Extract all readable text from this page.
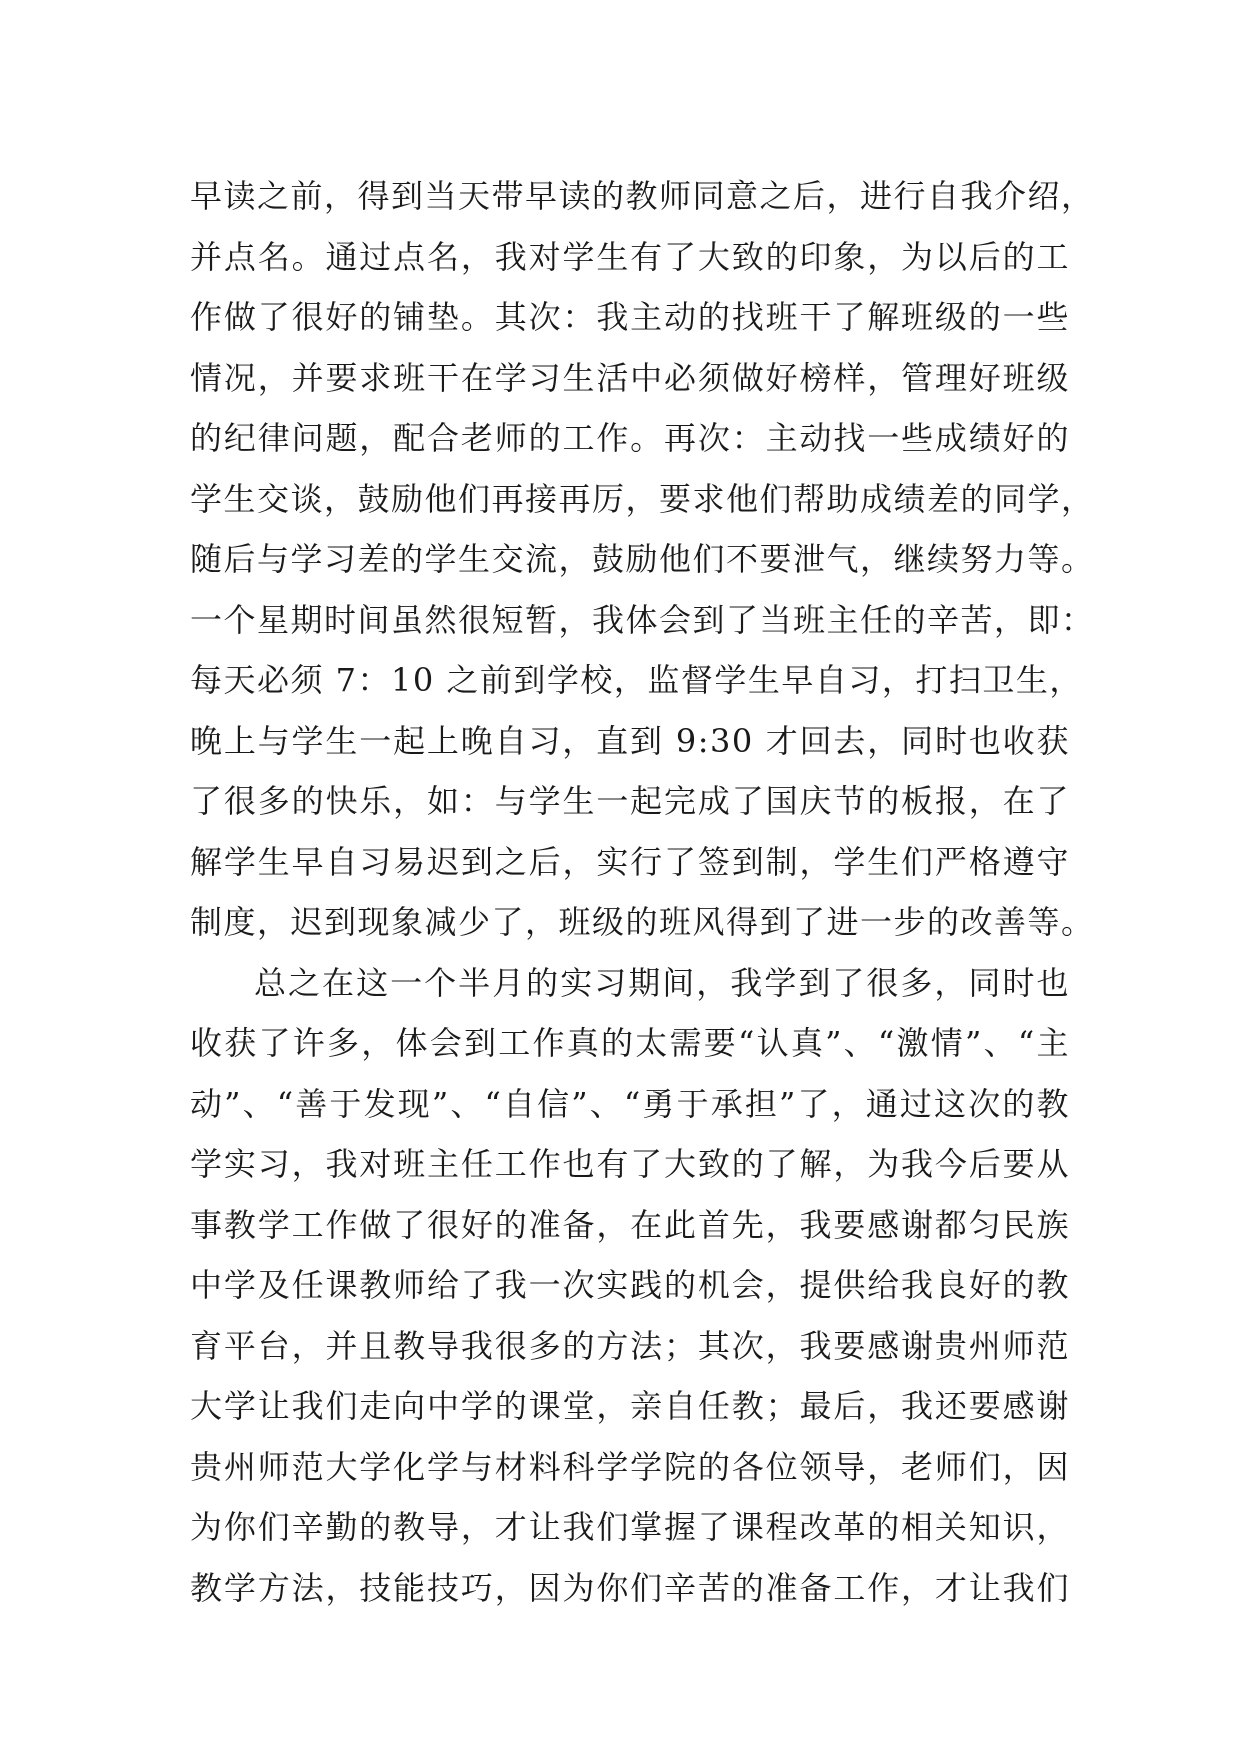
早读之前，得到当天带早读的教师同意之后，进行自我介绍，
并点名。通过点名，我对学生有了大致的印象，为以后的工
作做了很好的铺垫。其次：我主动的找班干了解班级的一些
情况，并要求班干在学习生活中必须做好榜样，管理好班级
的纪律问题，配合老师的工作。再次：主动找一些成绩好的
学生交谈，鼓励他们再接再厉，要求他们帮助成绩差的同学，
随后与学习差的学生交流，鼓励他们不要泄气，继续努力等。
一个星期时间虽然很短暂，我体会到了当班主任的辛苦，即：
每天必须 7：10 之前到学校，监督学生早自习，打扫卫生，
晚上与学生一起上晚自习，直到 9:30 才回去，同时也收获
了很多的快乐，如：与学生一起完成了国庆节的板报，在了
解学生早自习易迟到之后，实行了签到制，学生们严格遵守
制度，迟到现象减少了，班级的班风得到了进一步的改善等。
总之在这一个半月的实习期间，我学到了很多，同时也
收获了许多，体会到工作真的太需要“认真”、“激情”、“主
动”、“善于发现”、“自信”、“勇于承担”了，通过这次的教
学实习，我对班主任工作也有了大致的了解，为我今后要从
事教学工作做了很好的准备，在此首先，我要感谢都匀民族
中学及任课教师给了我一次实践的机会，提供给我良好的教
育平台，并且教导我很多的方法；其次，我要感谢贵州师范
大学让我们走向中学的课堂，亲自任教；最后，我还要感谢
贵州师范大学化学与材料科学学院的各位领导，老师们，因
为你们辛勤的教导，才让我们掌握了课程改革的相关知识，
教学方法，技能技巧，因为你们辛苦的准备工作，才让我们
